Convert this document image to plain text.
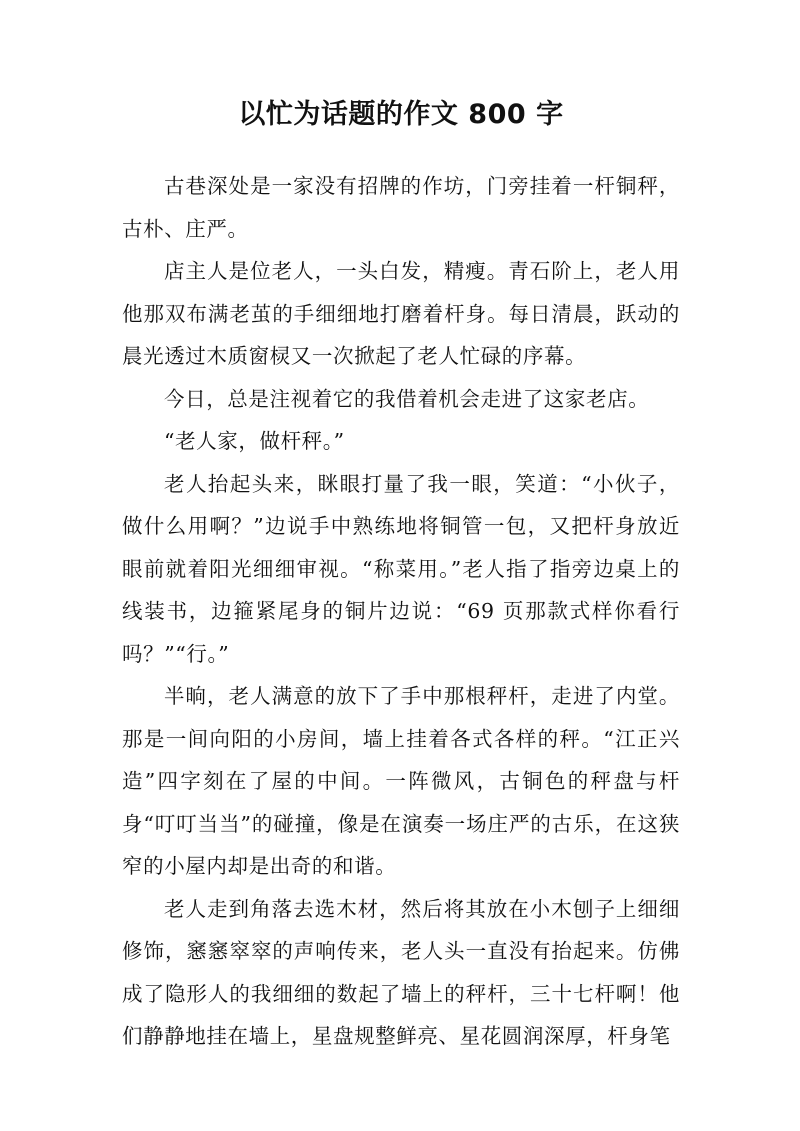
以忙为话题的作文 800 字

古巷深处是一家没有招牌的作坊，门旁挂着一杆铜秤，古朴、庄严。

店主人是位老人，一头白发，精瘦。青石阶上，老人用他那双布满老茧的手细细地打磨着杆身。每日清晨，跃动的晨光透过木质窗棂又一次掀起了老人忙碌的序幕。

今日，总是注视着它的我借着机会走进了这家老店。

“老人家，做杆秤。”

老人抬起头来，眯眼打量了我一眼，笑道：“小伙子，做什么用啊？”边说手中熟练地将铜管一包，又把杆身放近眼前就着阳光细细审视。“称菜用。”老人指了指旁边桌上的线装书，边箍紧尾身的铜片边说：“69 页那款式样你看行吗？”“行。”

半晌，老人满意的放下了手中那根秤杆，走进了内堂。那是一间向阳的小房间，墙上挂着各式各样的秤。“江正兴造”四字刻在了屋的中间。一阵微风，古铜色的秤盘与杆身“叮叮当当”的碰撞，像是在演奏一场庄严的古乐，在这狭窄的小屋内却是出奇的和谐。

老人走到角落去选木材，然后将其放在小木刨子上细细修饰，窸窸窣窣的声响传来，老人头一直没有抬起来。仿佛成了隐形人的我细细的数起了墙上的秤杆，三十七杆啊！他们静静地挂在墙上，星盘规整鲜亮、星花圆润深厚，杆身笔
